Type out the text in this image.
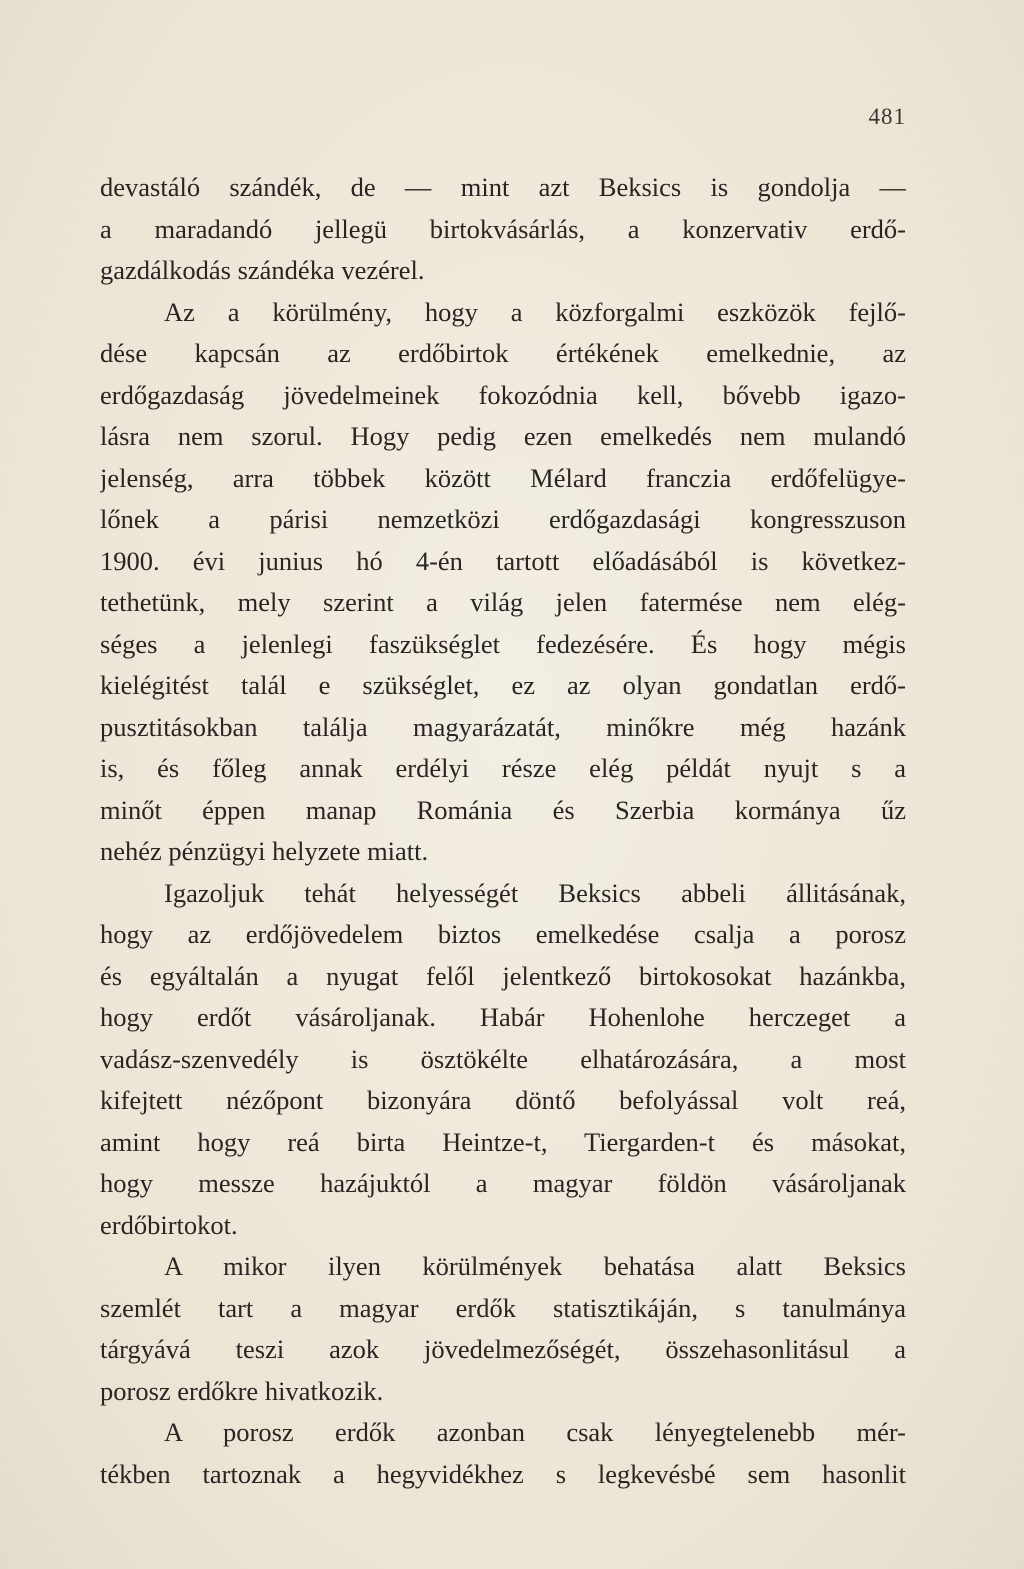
481
devastáló szándék, de — mint azt Beksics is gondolja —
a maradandó jellegü birtokvásárlás, a konzervativ erdő-
gazdálkodás szándéka vezérel.
Az a körülmény, hogy a közforgalmi eszközök fejlő-
dése kapcsán az erdőbirtok értékének emelkednie, az
erdőgazdaság jövedelmeinek fokozódnia kell, bővebb igazo-
lásra nem szorul. Hogy pedig ezen emelkedés nem mulandó
jelenség, arra többek között Mélard franczia erdőfelügye-
lőnek a párisi nemzetközi erdőgazdasági kongresszuson
1900. évi junius hó 4-én tartott előadásából is következ-
tethetünk, mely szerint a világ jelen fatermése nem elég-
séges a jelenlegi faszükséglet fedezésére. És hogy mégis
kielégitést talál e szükséglet, ez az olyan gondatlan erdő-
pusztitásokban találja magyarázatát, minőkre még hazánk
is, és főleg annak erdélyi része elég példát nyujt s a
minőt éppen manap Románia és Szerbia kormánya űz
nehéz pénzügyi helyzete miatt.
Igazoljuk tehát helyességét Beksics abbeli állitásának,
hogy az erdőjövedelem biztos emelkedése csalja a porosz
és egyáltalán a nyugat felől jelentkező birtokosokat hazánkba,
hogy erdőt vásároljanak. Habár Hohenlohe herczeget a
vadász-szenvedély is ösztökélte elhatározására, a most
kifejtett nézőpont bizonyára döntő befolyással volt reá,
amint hogy reá birta Heintze-t, Tiergarden-t és másokat,
hogy messze hazájuktól a magyar földön vásároljanak
erdőbirtokot.
A mikor ilyen körülmények behatása alatt Beksics
szemlét tart a magyar erdők statisztikáján, s tanulmánya
tárgyává teszi azok jövedelmezőségét, összehasonlitásul a
porosz erdőkre hivatkozik.
A porosz erdők azonban csak lényegtelenebb mér-
tékben tartoznak a hegyvidékhez s legkevésbé sem hasonlit
